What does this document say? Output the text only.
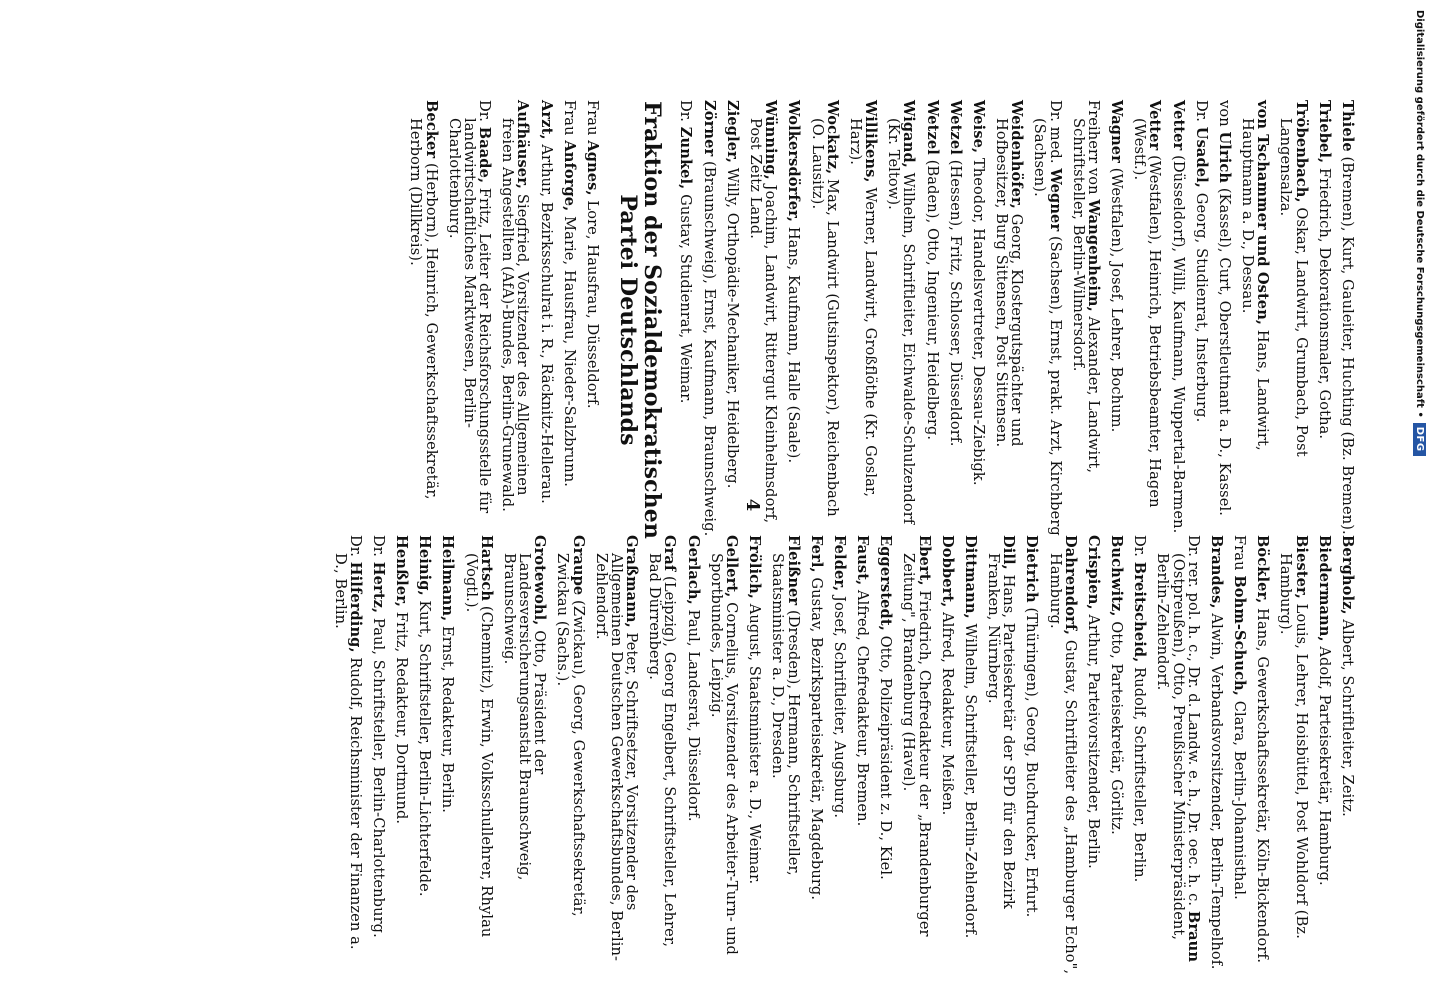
4
Thiele (Bremen), Kurt, Gauleiter, Huchting (Bz. Bremen).
Triebel, Friedrich, Dekorationsmaler, Gotha.
Tröbenbach, Oskar, Landwirt, Grumbach, Post Langensalza.
von Tschammer und Osten, Hans, Landwirt, Hauptmann a. D., Dessau.
von Ulrich (Kassel), Curt, Oberstleutnant a. D., Kassel.
Dr. Usadel, Georg, Studienrat, Insterburg.
Vetter (Düsseldorf), Willi, Kaufmann, Wuppertal-Barmen.
Vetter (Westfalen), Heinrich, Betriebsbeamter, Hagen (Westf.).
Wagner (Westfalen), Josef, Lehrer, Bochum.
Freiherr von Wangenheim, Alexander, Landwirt, Schriftsteller, Berlin-Wilmersdorf.
Dr. med. Wegner (Sachsen), Ernst, prakt. Arzt, Kirchberg (Sachsen).
Weidenhöfer, Georg, Klostergutspächter und Hofbesitzer, Burg Sittensen, Post Sittensen.
Weise, Theodor, Handelsvertreter, Dessau-Ziebigk.
Wetzel (Hessen), Fritz, Schlosser, Düsseldorf.
Wetzel (Baden), Otto, Ingenieur, Heidelberg.
Wigand, Wilhelm, Schriftleiter, Eichwalde-Schulzendorf (Kr. Teltow).
Willikens, Werner, Landwirt, Großflöthe (Kr. Goslar, Harz).
Wockatz, Max, Landwirt (Gutsinspektor), Reichenbach (O. Lausitz).
Wolkersdörfer, Hans, Kaufmann, Halle (Saale).
Wünning, Joachim, Landwirt, Rittergut Kleinhelmsdorf, Post Zeitz Land.
Ziegler, Willy, Orthopädie-Mechaniker, Heidelberg.
Zörner (Braunschweig), Ernst, Kaufmann, Braunschweig.
Dr. Zunkel, Gustav, Studienrat, Weimar.
Fraktion der Sozialdemokratischen Partei Deutschlands
Frau Agnes, Lore, Hausfrau, Düsseldorf.
Frau Anforge, Marie, Hausfrau, Nieder-Salzbrunn.
Arzt, Arthur, Bezirksschulrat i. R., Räcknitz-Hellerau.
Aufhäuser, Siegfried, Vorsitzender des Allgemeinen freien Angestellten (AfA)-Bundes, Berlin-Grunewald.
Dr. Baade, Fritz, Leiter der Reichsforschungsstelle für landwirtschaftliches Marktwesen, Berlin-Charlottenburg.
Becker (Herborn), Heinrich, Gewerkschaftssekretär, Herborn (Dillkreis).
Bergholz, Albert, Schriftleiter, Zeitz.
Biedermann, Adolf, Parteisekretär, Hamburg.
Biester, Louis, Lehrer, Hoisbüttel, Post Wohldorf (Bz. Hamburg).
Böckler, Hans, Gewerkschaftssekretär, Köln-Bickendorf.
Frau Bohm-Schuch, Clara, Berlin-Johannisthal.
Brandes, Alwin, Verbandsvorsitzender, Berlin-Tempelhof.
Dr. rer. pol. h. c., Dr. d. Landw. e. h., Dr. oec. h. c. Braun (Ostpreußen), Otto, Preußischer Ministerpräsident, Berlin-Zehlendorf.
Dr. Breitscheid, Rudolf, Schriftsteller, Berlin.
Buchwitz, Otto, Parteisekretär, Görlitz.
Crispien, Arthur, Parteivorsitzender, Berlin.
Dahrendorf, Gustav, Schriftleiter des „Hamburger Echo", Hamburg.
Dietrich (Thüringen), Georg, Buchdrucker, Erfurt.
Dill, Hans, Parteisekretär der SPD für den Bezirk Franken, Nürnberg.
Dittmann, Wilhelm, Schriftsteller, Berlin-Zehlendorf.
Dobbert, Alfred, Redakteur, Meißen.
Ebert, Friedrich, Chefredakteur der „Brandenburger Zeitung", Brandenburg (Havel).
Eggerstedt, Otto, Polizeipräsident z. D., Kiel.
Faust, Alfred, Chefredakteur, Bremen.
Felder, Josef, Schriftleiter, Augsburg.
Ferl, Gustav, Bezirksparteisekretär, Magdeburg.
Fleißner (Dresden), Hermann, Schriftsteller, Staatsminister a. D., Dresden.
Frölich, August, Staatsminister a. D., Weimar.
Gellert, Cornelius, Vorsitzender des Arbeiter-Turn- und Sportbundes, Leipzig.
Gerlach, Paul, Landesrat, Düsseldorf.
Graf (Leipzig), Georg Engelbert, Schriftsteller, Lehrer, Bad Dürrenberg.
Graßmann, Peter, Schriftsetzer, Vorsitzender des Allgemeinen Deutschen Gewerkschaftsbundes, Berlin-Zehlendorf.
Graupe (Zwickau), Georg, Gewerkschaftssekretär, Zwickau (Sachs.).
Grotewohl, Otto, Präsident der Landesversicherungsanstalt Braunschweig, Braunschweig.
Hartsch (Chemnitz), Erwin, Volksschullehrer, Rhylau (Vogtl.).
Heilmann, Ernst, Redakteur, Berlin.
Heinig, Kurt, Schriftsteller, Berlin-Lichterfelde.
Henßler, Fritz, Redakteur, Dortmund.
Dr. Hertz, Paul, Schriftsteller, Berlin-Charlottenburg.
Dr. Hilferding, Rudolf, Reichsminister der Finanzen a. D., Berlin.
Digitalisierung gefördert durch die Deutsche Forschungsgemeinschaft •
DFG
